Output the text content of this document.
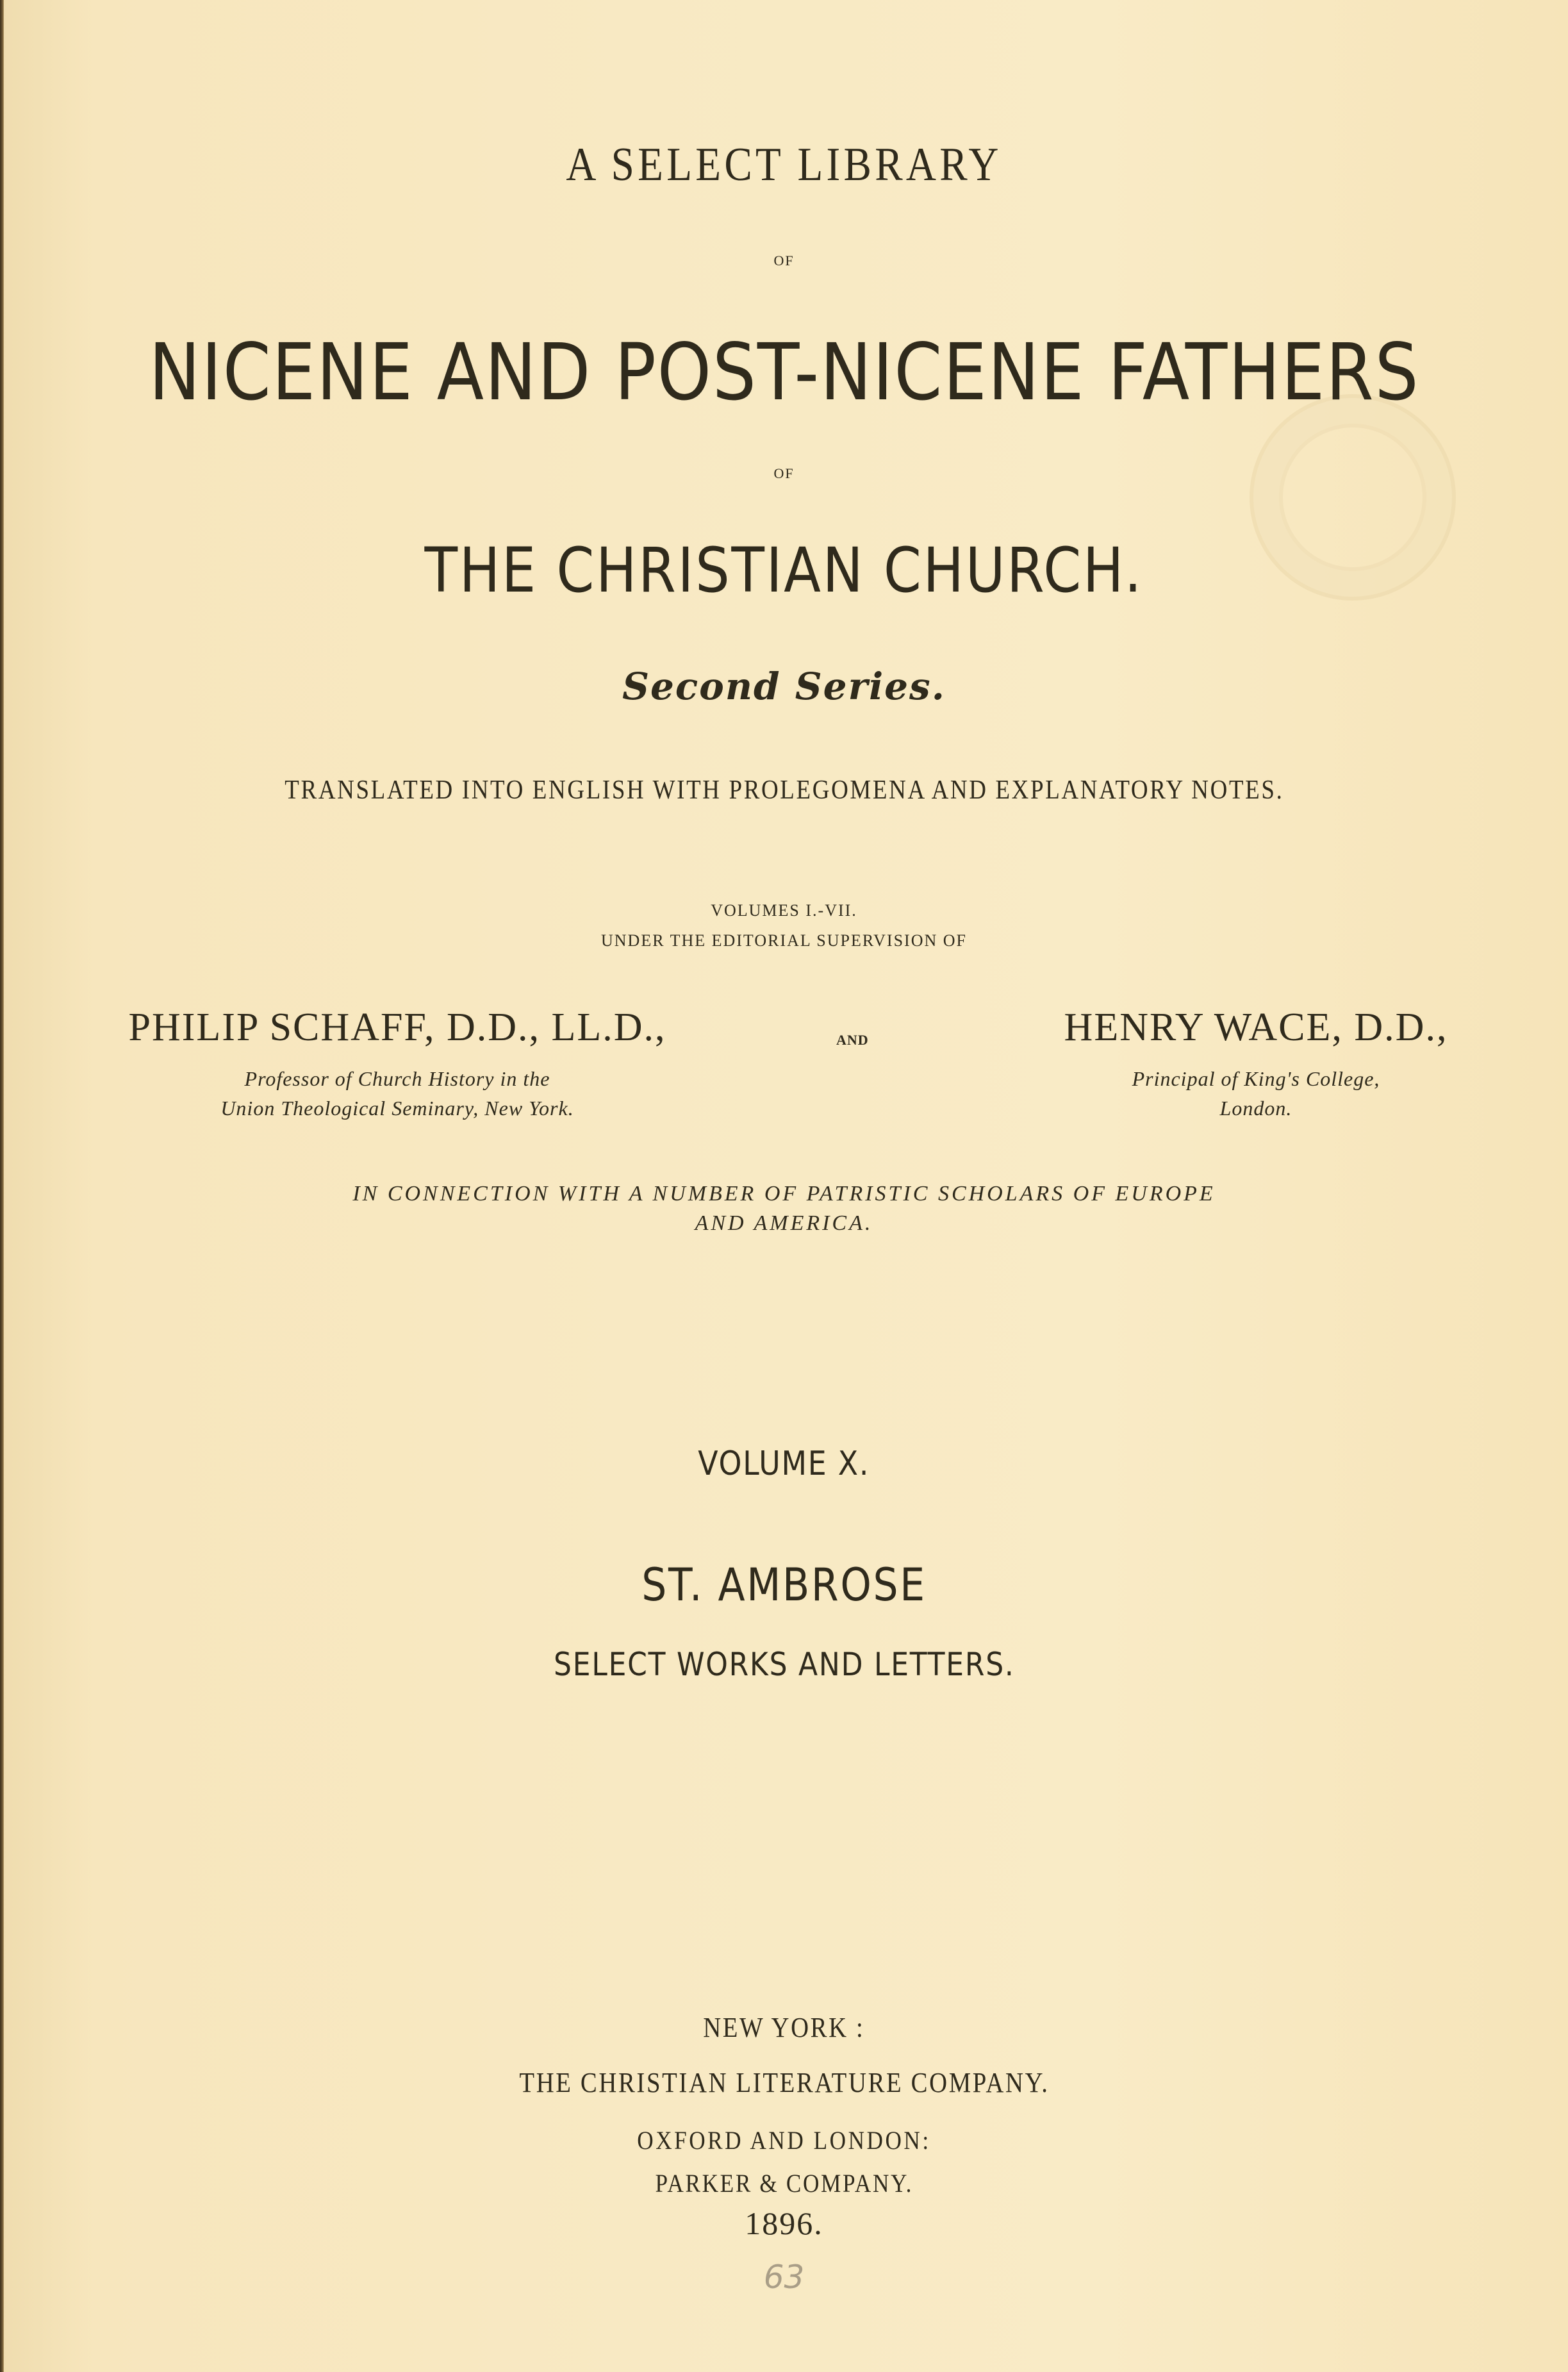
A SELECT LIBRARY
OF
NICENE AND POST-NICENE FATHERS
OF
THE CHRISTIAN CHURCH.
Second Series.
TRANSLATED INTO ENGLISH WITH PROLEGOMENA AND EXPLANATORY NOTES.
VOLUMES I.-VII.
UNDER THE EDITORIAL SUPERVISION OF
PHILIP SCHAFF, D.D., LL.D.,
Professor of Church History in the
Union Theological Seminary, New York.
AND	HENRY WACE, D.D.,
Principal of King's College,
London.
IN CONNECTION WITH A NUMBER OF PATRISTIC SCHOLARS OF EUROPE
AND AMERICA.
VOLUME X.
ST. AMBROSE
SELECT WORKS AND LETTERS.
NEW YORK :
THE CHRISTIAN LITERATURE COMPANY.
OXFORD AND LONDON:
PARKER & COMPANY.
1896.
63
